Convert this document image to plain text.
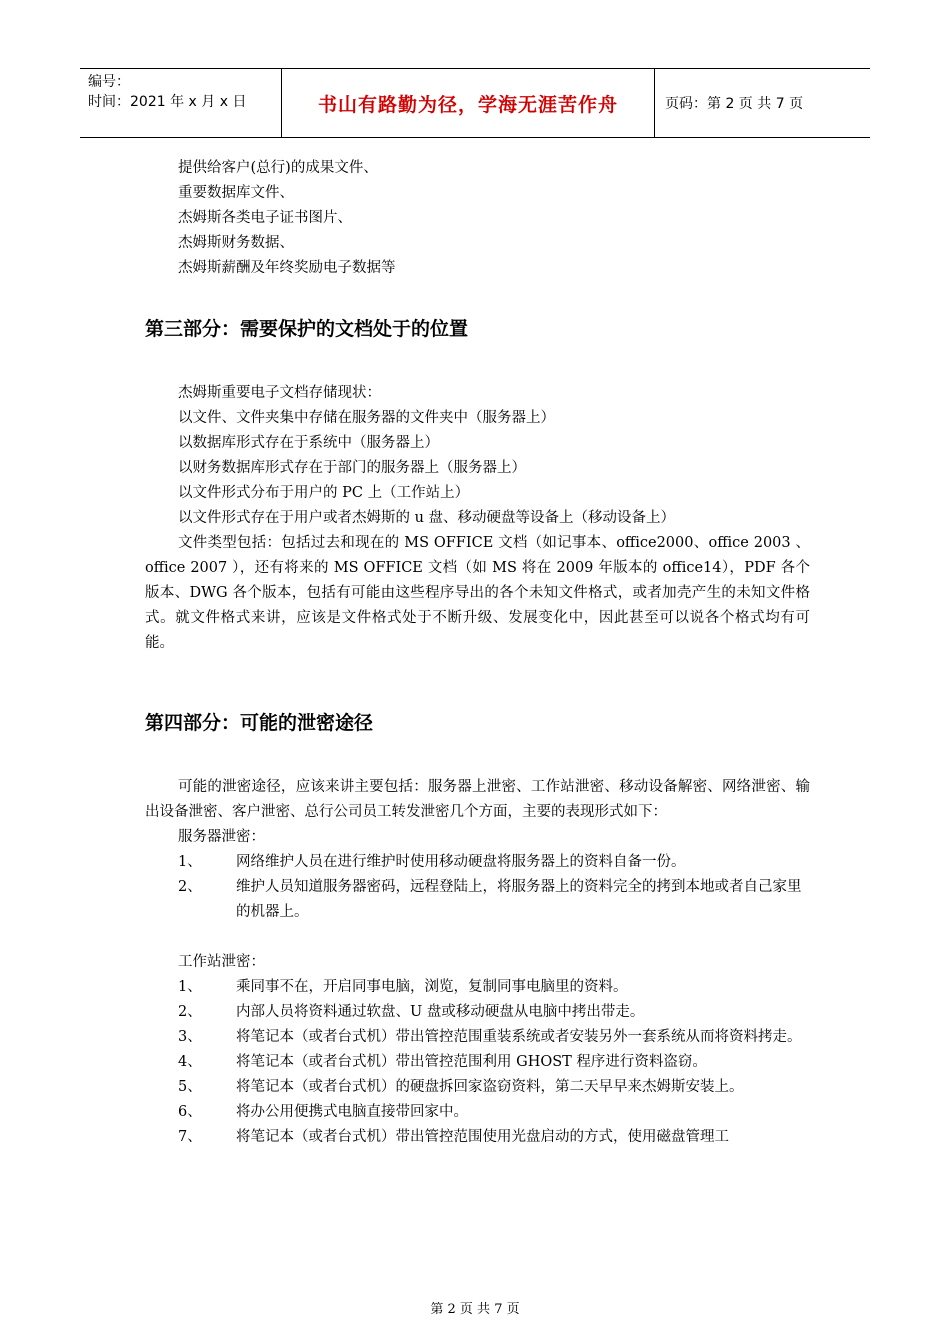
编号：
时间：2021 年 x 月 x 日	书山有路勤为径，学海无涯苦作舟	页码：第 2 页 共 7 页
提供给客户(总行)的成果文件、
重要数据库文件、
杰姆斯各类电子证书图片、
杰姆斯财务数据、
杰姆斯薪酬及年终奖励电子数据等
第三部分：需要保护的文档处于的位置
杰姆斯重要电子文档存储现状：
以文件、文件夹集中存储在服务器的文件夹中（服务器上）
以数据库形式存在于系统中（服务器上）
以财务数据库形式存在于部门的服务器上（服务器上）
以文件形式分布于用户的 PC 上（工作站上）
以文件形式存在于用户或者杰姆斯的 u 盘、移动硬盘等设备上（移动设备上）
文件类型包括：包括过去和现在的 MS OFFICE 文档（如记事本、office2000、office 2003 、 office 2007 ），还有将来的 MS OFFICE 文档（如 MS 将在 2009 年版本的 office14），PDF 各个版本、DWG 各个版本，包括有可能由这些程序导出的各个未知文件格式，或者加壳产生的未知文件格式。就文件格式来讲，应该是文件格式处于不断升级、发展变化中，因此甚至可以说各个格式均有可能。
第四部分：可能的泄密途径
可能的泄密途径，应该来讲主要包括：服务器上泄密、工作站泄密、移动设备解密、网络泄密、输出设备泄密、客户泄密、总行公司员工转发泄密几个方面，主要的表现形式如下：
服务器泄密：
1、	网络维护人员在进行维护时使用移动硬盘将服务器上的资料自备一份。
2、	维护人员知道服务器密码，远程登陆上，将服务器上的资料完全的拷到本地或者自己家里的机器上。
工作站泄密：
1、	乘同事不在，开启同事电脑，浏览，复制同事电脑里的资料。
2、	内部人员将资料通过软盘、U 盘或移动硬盘从电脑中拷出带走。
3、	将笔记本（或者台式机）带出管控范围重装系统或者安装另外一套系统从而将资料拷走。
4、	将笔记本（或者台式机）带出管控范围利用 GHOST 程序进行资料盗窃。
5、	将笔记本（或者台式机）的硬盘拆回家盗窃资料，第二天早早来杰姆斯安装上。
6、	将办公用便携式电脑直接带回家中。
7、	将笔记本（或者台式机）带出管控范围使用光盘启动的方式，使用磁盘管理工
第 2 页 共 7 页
